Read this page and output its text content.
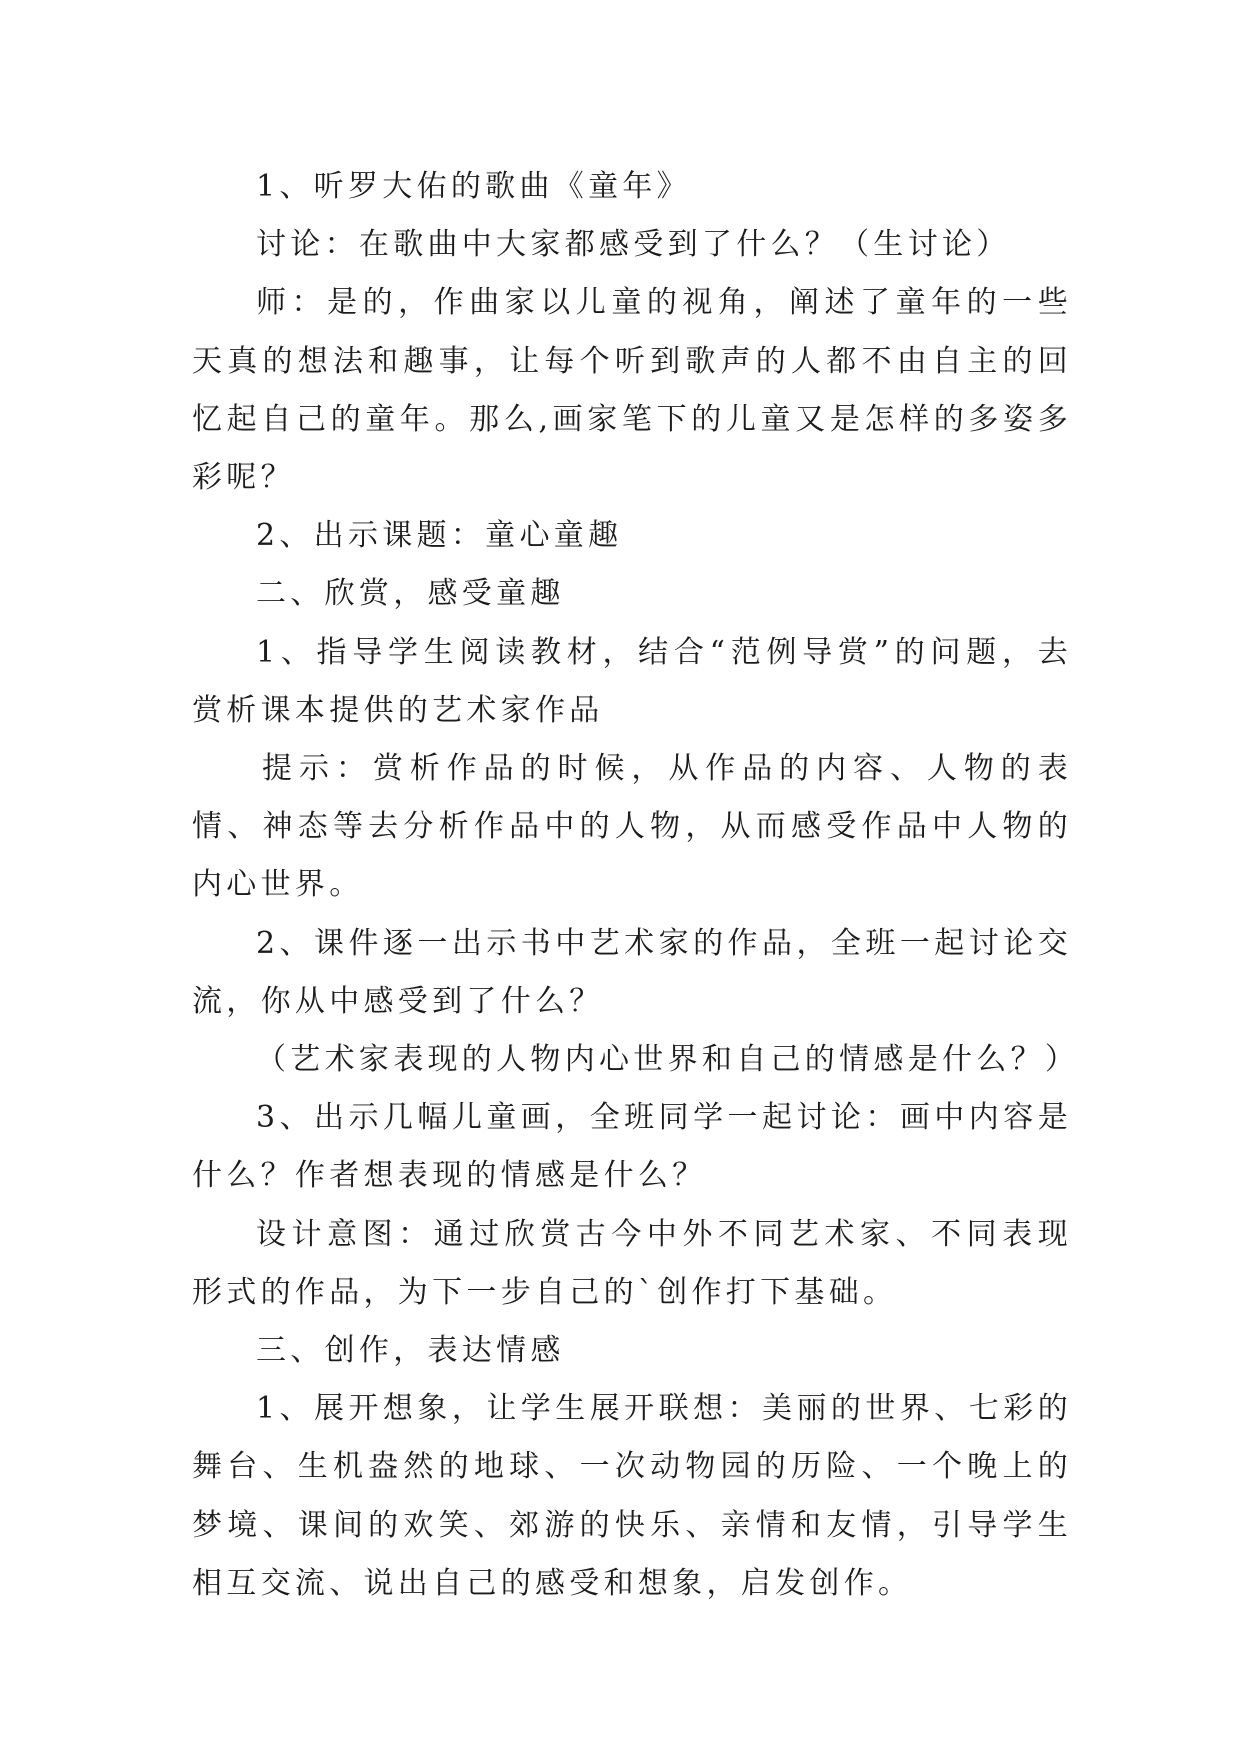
1、听罗大佑的歌曲《童年》

讨论：在歌曲中大家都感受到了什么？（生讨论）

师：是的，作曲家以儿童的视角，阐述了童年的一些天真的想法和趣事，让每个听到歌声的人都不由自主的回忆起自己的童年。那么,画家笔下的儿童又是怎样的多姿多彩呢？

2、出示课题：童心童趣

二、欣赏，感受童趣

1、指导学生阅读教材，结合“范例导赏”的问题，去赏析课本提供的艺术家作品

提示：赏析作品的时候，从作品的内容、人物的表情、神态等去分析作品中的人物，从而感受作品中人物的内心世界。

2、课件逐一出示书中艺术家的作品，全班一起讨论交流，你从中感受到了什么？

（艺术家表现的人物内心世界和自己的情感是什么？）

3、出示几幅儿童画，全班同学一起讨论：画中内容是什么？作者想表现的情感是什么？

设计意图：通过欣赏古今中外不同艺术家、不同表现形式的作品，为下一步自己的`创作打下基础。

三、创作，表达情感

1、展开想象，让学生展开联想：美丽的世界、七彩的舞台、生机盎然的地球、一次动物园的历险、一个晚上的梦境、课间的欢笑、郊游的快乐、亲情和友情，引导学生相互交流、说出自己的感受和想象，启发创作。
